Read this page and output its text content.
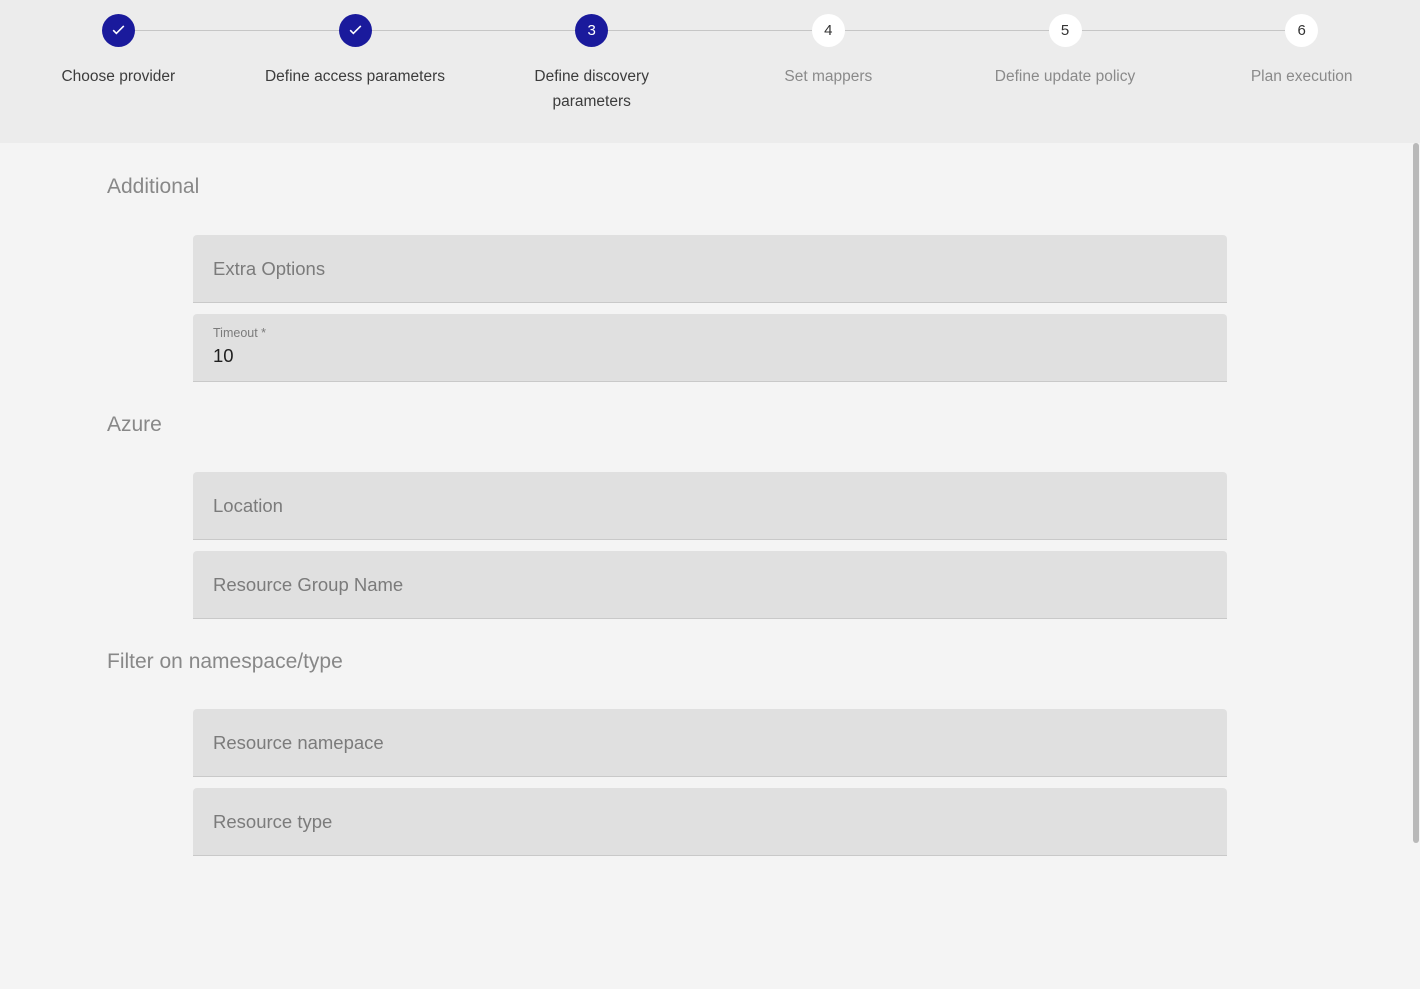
Choose provider	Define access parameters
3
Define discovery parameters
4
Set mappers
5
Define update policy
6
Plan execution
Additional
Extra Options
Timeout *
10
Azure
Location
Resource Group Name
Filter on namespace/type
Resource namepace
Resource type
